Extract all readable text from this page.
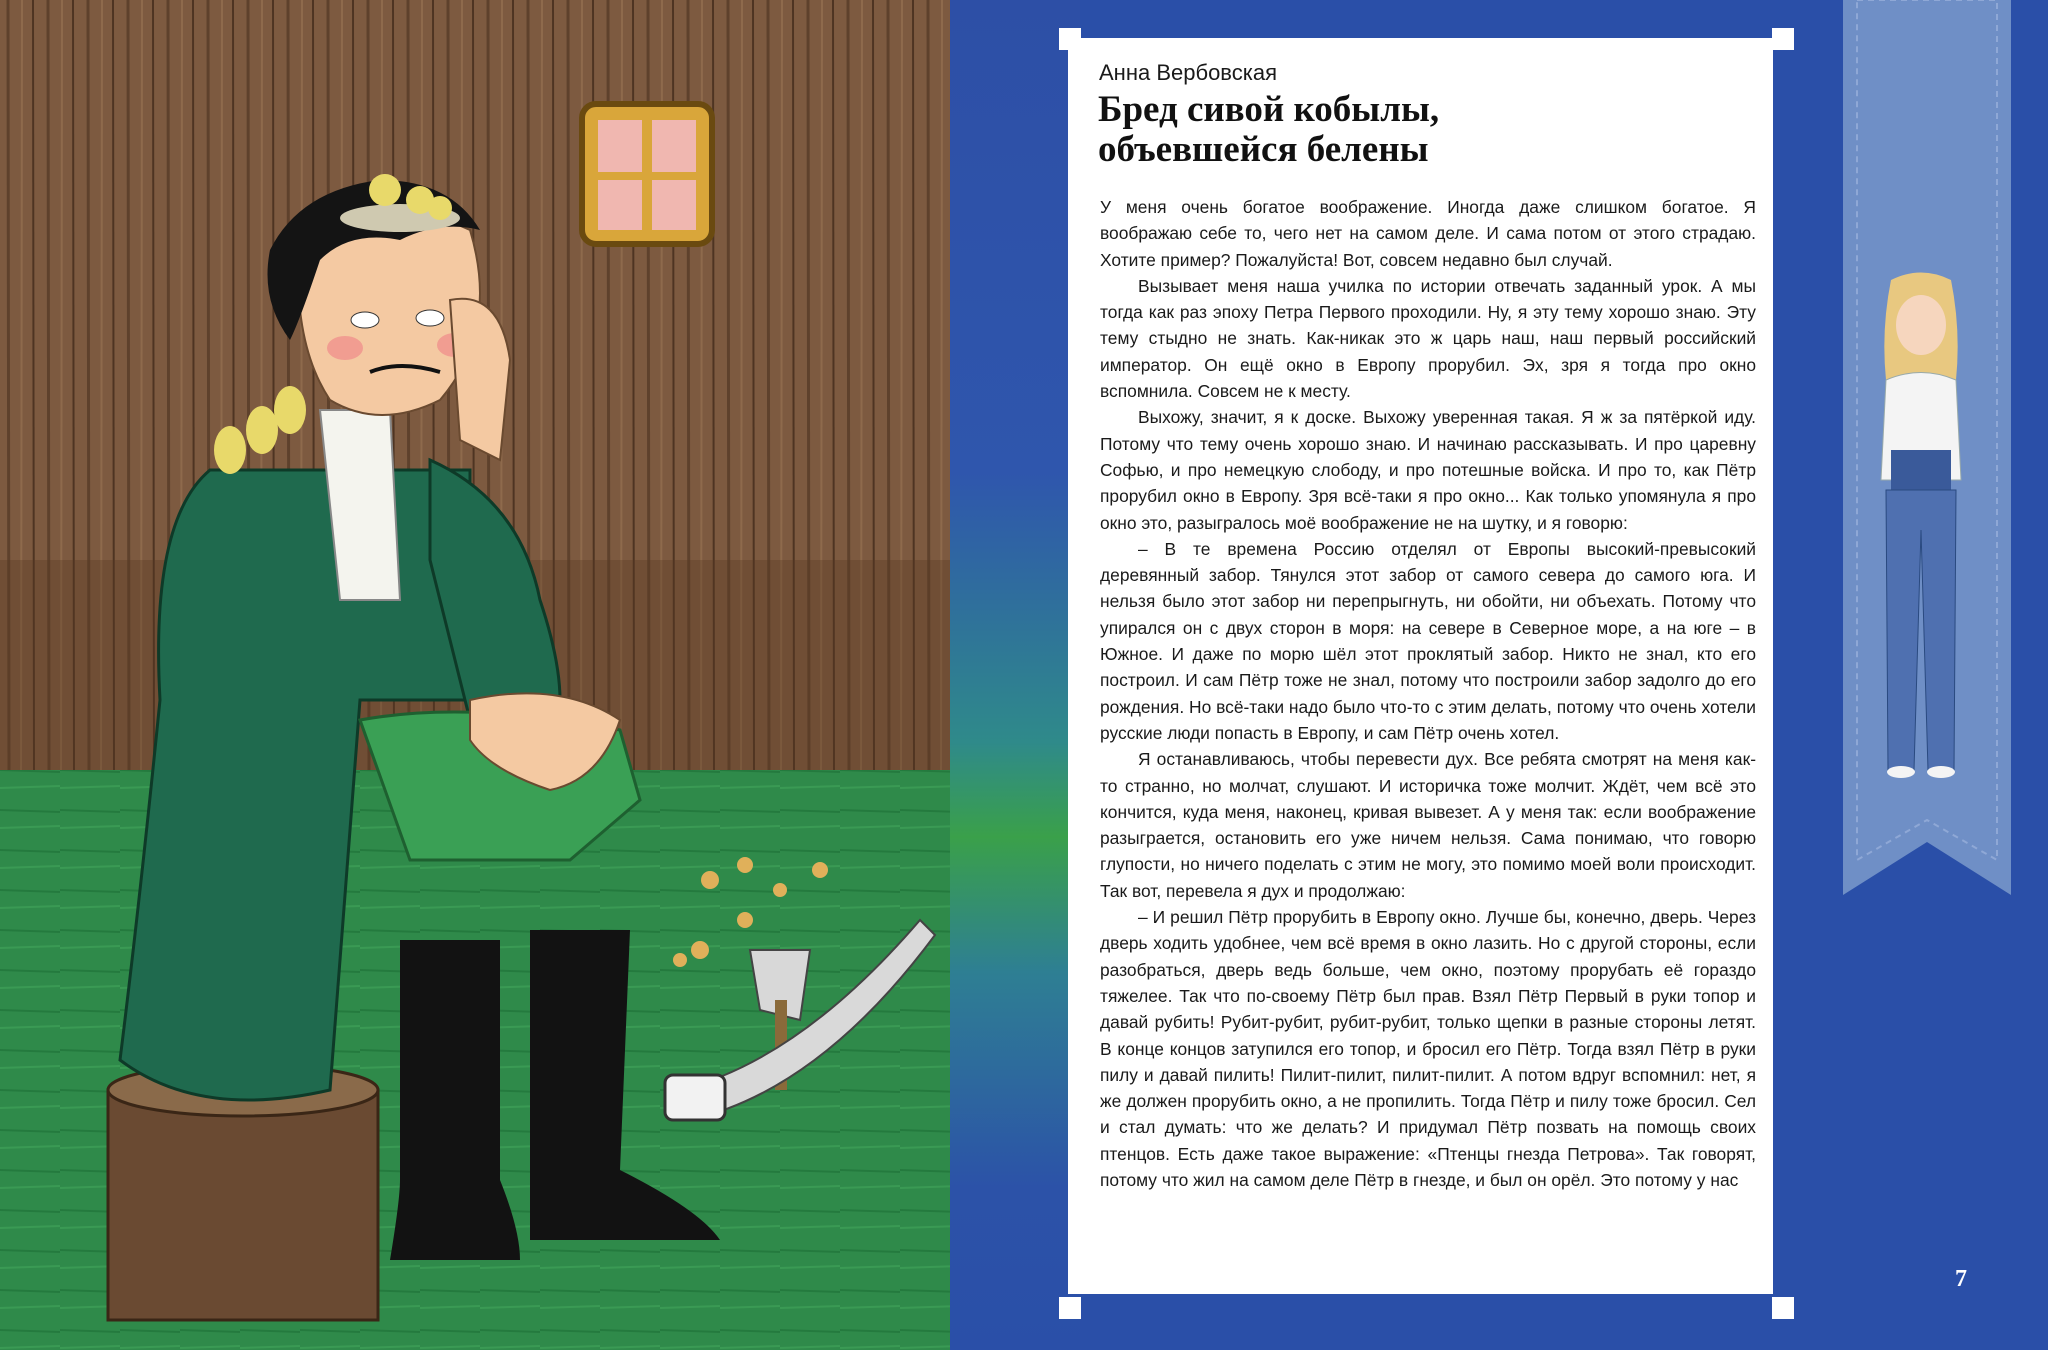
Анна Вербовская
Бред сивой кобылы,
объевшейся белены

У меня очень богатое воображение. Иногда даже слишком богатое. Я воображаю себе то, чего нет на самом деле. И сама потом от этого страдаю. Хотите пример? Пожалуйста! Вот, совсем недавно был случай.

Вызывает меня наша училка по истории отвечать заданный урок. А мы тогда как раз эпоху Петра Первого проходили. Ну, я эту тему хорошо знаю. Эту тему стыдно не знать. Как-никак это ж царь наш, наш первый российский император. Он ещё окно в Европу прорубил. Эх, зря я тогда про окно вспомнила. Совсем не к месту.

Выхожу, значит, я к доске. Выхожу уверенная такая. Я ж за пятёркой иду. Потому что тему очень хорошо знаю. И начинаю рассказывать. И про царевну Софью, и про немецкую слободу, и про потешные войска. И про то, как Пётр прорубил окно в Европу. Зря всё-таки я про окно... Как только упомянула я про окно это, разыгралось моё воображение не на шутку, и я говорю:

– В те времена Россию отделял от Европы высокий-превысокий деревянный забор. Тянулся этот забор от самого севера до самого юга. И нельзя было этот забор ни перепрыгнуть, ни обойти, ни объехать. Потому что упирался он с двух сторон в моря: на севере в Северное море, а на юге – в Южное. И даже по морю шёл этот проклятый забор. Никто не знал, кто его построил. И сам Пётр тоже не знал, потому что построили забор задолго до его рождения. Но всё-таки надо было что-то с этим делать, потому что очень хотели русские люди попасть в Европу, и сам Пётр очень хотел.

Я останавливаюсь, чтобы перевести дух. Все ребята смотрят на меня как-то странно, но молчат, слушают. И историчка тоже молчит. Ждёт, чем всё это кончится, куда меня, наконец, кривая вывезет. А у меня так: если воображение разыграется, остановить его уже ничем нельзя. Сама понимаю, что говорю глупости, но ничего поделать с этим не могу, это помимо моей воли происходит. Так вот, перевела я дух и продолжаю:

– И решил Пётр прорубить в Европу окно. Лучше бы, конечно, дверь. Через дверь ходить удобнее, чем всё время в окно лазить. Но с другой стороны, если разобраться, дверь ведь больше, чем окно, поэтому прорубать её гораздо тяжелее. Так что по-своему Пётр был прав. Взял Пётр Первый в руки топор и давай рубить! Рубит-рубит, рубит-рубит, только щепки в разные стороны летят. В конце концов затупился его топор, и бросил его Пётр. Тогда взял Пётр в руки пилу и давай пилить! Пилит-пилит, пилит-пилит. А потом вдруг вспомнил: нет, я же должен прорубить окно, а не пропилить. Тогда Пётр и пилу тоже бросил. Сел и стал думать: что же делать? И придумал Пётр позвать на помощь своих птенцов. Есть даже такое выражение: «Птенцы гнезда Петрова». Так говорят, потому что жил на самом деле Пётр в гнезде, и был он орёл. Это потому у нас

7
